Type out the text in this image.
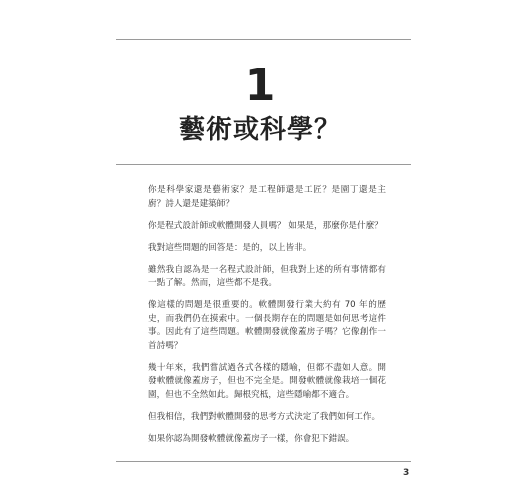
1
藝術或科學？

你是科學家還是藝術家？是工程師還是工匠？是園丁還是主廚？詩人還是建築師？

你是程式設計師或軟體開發人員嗎？ 如果是，那麼你是什麼？

我對這些問題的回答是：是的，以上皆非。

雖然我自認為是一名程式設計師，但我對上述的所有事情都有一點了解。然而，這些都不是我。

像這樣的問題是很重要的。軟體開發行業大約有 70 年的歷史，而我們仍在摸索中。一個長期存在的問題是如何思考這件事。因此有了這些問題。軟體開發就像蓋房子嗎？它像創作一首詩嗎？

幾十年來，我們嘗試過各式各樣的隱喻，但都不盡如人意。開發軟體就像蓋房子，但也不完全是。開發軟體就像栽培一個花園，但也不全然如此。歸根究柢，這些隱喻都不適合。

但我相信，我們對軟體開發的思考方式決定了我們如何工作。

如果你認為開發軟體就像蓋房子一樣，你會犯下錯誤。

3
